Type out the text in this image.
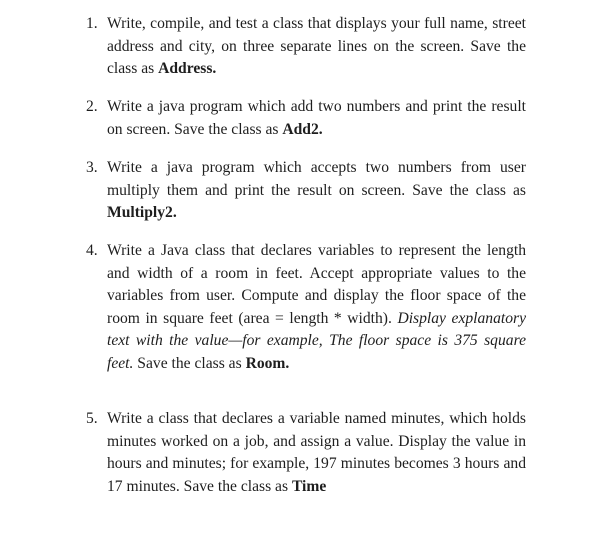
1. Write, compile, and test a class that displays your full name, street address and city, on three separate lines on the screen. Save the class as Address.
2. Write a java program which add two numbers and print the result on screen. Save the class as Add2.
3. Write a java program which accepts two numbers from user multiply them and print the result on screen. Save the class as Multiply2.
4. Write a Java class that declares variables to represent the length and width of a room in feet. Accept appropriate values to the variables from user. Compute and display the floor space of the room in square feet (area = length * width). Display explanatory text with the value—for example, The floor space is 375 square feet. Save the class as Room.
5. Write a class that declares a variable named minutes, which holds minutes worked on a job, and assign a value. Display the value in hours and minutes; for example, 197 minutes becomes 3 hours and 17 minutes. Save the class as Time
